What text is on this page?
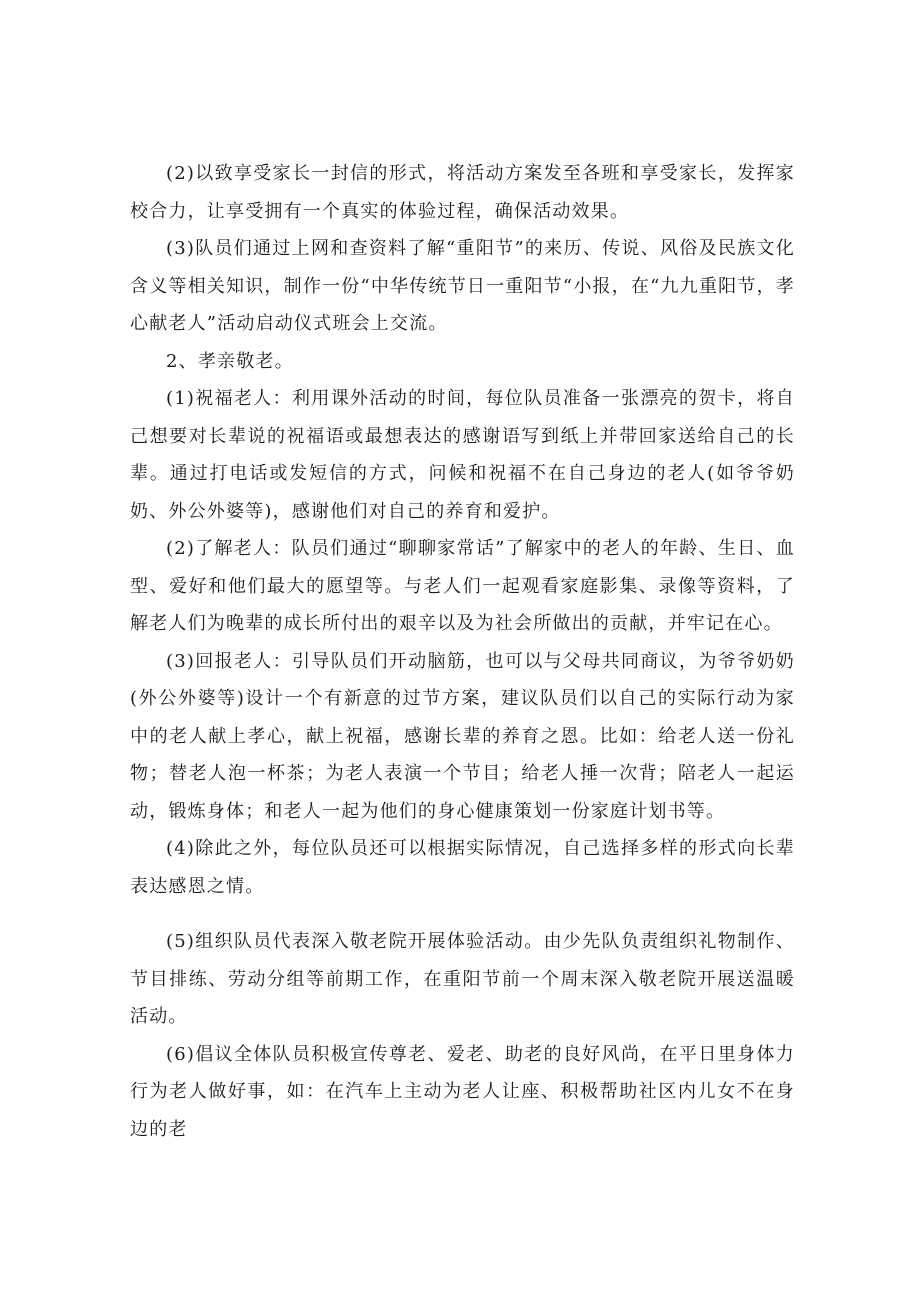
(2)以致享受家长一封信的形式，将活动方案发至各班和享受家长，发挥家校合力，让享受拥有一个真实的体验过程，确保活动效果。

(3)队员们通过上网和查资料了解“重阳节”的来历、传说、风俗及民族文化含义等相关知识，制作一份“中华传统节日一重阳节“小报，在“九九重阳节，孝心献老人”活动启动仪式班会上交流。

2、孝亲敬老。

(1)祝福老人：利用课外活动的时间，每位队员准备一张漂亮的贺卡，将自己想要对长辈说的祝福语或最想表达的感谢语写到纸上并带回家送给自己的长辈。通过打电话或发短信的方式，问候和祝福不在自己身边的老人(如爷爷奶奶、外公外婆等)，感谢他们对自己的养育和爱护。

(2)了解老人：队员们通过“聊聊家常话”了解家中的老人的年龄、生日、血型、爱好和他们最大的愿望等。与老人们一起观看家庭影集、录像等资料，了解老人们为晚辈的成长所付出的艰辛以及为社会所做出的贡献，并牢记在心。

(3)回报老人：引导队员们开动脑筋，也可以与父母共同商议，为爷爷奶奶(外公外婆等)设计一个有新意的过节方案，建议队员们以自己的实际行动为家中的老人献上孝心，献上祝福，感谢长辈的养育之恩。比如：给老人送一份礼物；替老人泡一杯茶；为老人表演一个节目；给老人捶一次背；陪老人一起运动，锻炼身体；和老人一起为他们的身心健康策划一份家庭计划书等。

(4)除此之外，每位队员还可以根据实际情况，自己选择多样的形式向长辈表达感恩之情。

(5)组织队员代表深入敬老院开展体验活动。由少先队负责组织礼物制作、节目排练、劳动分组等前期工作，在重阳节前一个周末深入敬老院开展送温暖活动。

(6)倡议全体队员积极宣传尊老、爱老、助老的良好风尚，在平日里身体力行为老人做好事，如：在汽车上主动为老人让座、积极帮助社区内儿女不在身边的老
